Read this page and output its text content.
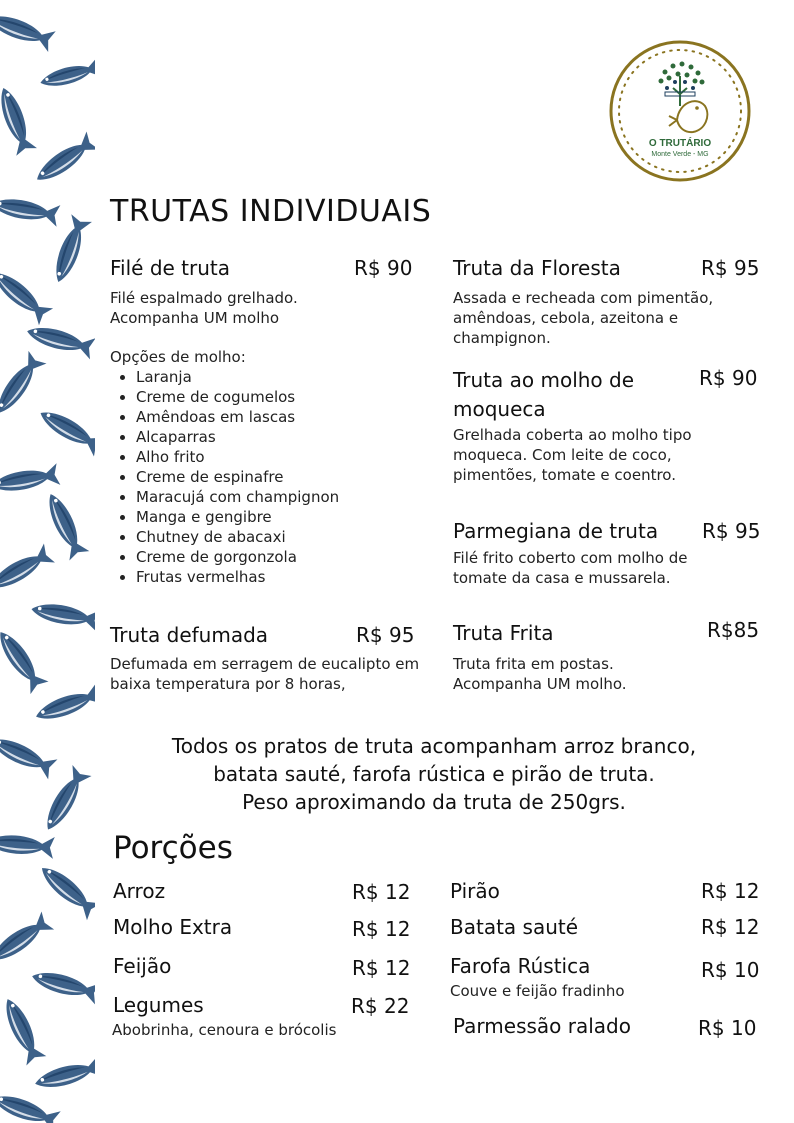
O TRUTÁRIO
Monte Verde - MG
TRUTAS INDIVIDUAIS
Filé de truta	R$ 90
Filé espalmado grelhado.
Acompanha UM molho
Opções de molho:
• Laranja
• Creme de cogumelos
• Amêndoas em lascas
• Alcaparras
• Alho frito
• Creme de espinafre
• Maracujá com champignon
• Manga e gengibre
• Chutney de abacaxi
• Creme de gorgonzola
• Frutas vermelhas
Truta defumada	R$ 95
Defumada em serragem de eucalipto em
baixa temperatura por 8 horas,
Truta da Floresta	R$ 95
Assada e recheada com pimentão,
amêndoas, cebola, azeitona e
champignon.
Truta ao molho de
moqueca
R$ 90
Grelhada coberta ao molho tipo
moqueca. Com leite de coco,
pimentões, tomate e coentro.
Parmegiana de truta R$ 95
Filé frito coberto com molho de
tomate da casa e mussarela.
Truta Frita	R$85
Truta frita em postas.
Acompanha UM molho.
Todos os pratos de truta acompanham arroz branco,
batata sauté, farofa rústica e pirão de truta.
Peso aproximando da truta de 250grs.
Porções
Arroz	R$ 12
Molho Extra	R$ 12
Feijão	R$ 12
Legumes	R$ 22
Abobrinha, cenoura e brócolis
Pirão	R$ 12
Batata sauté	R$ 12
Farofa Rústica	R$ 10
Couve e feijão fradinho
Parmessão ralado	R$ 10
